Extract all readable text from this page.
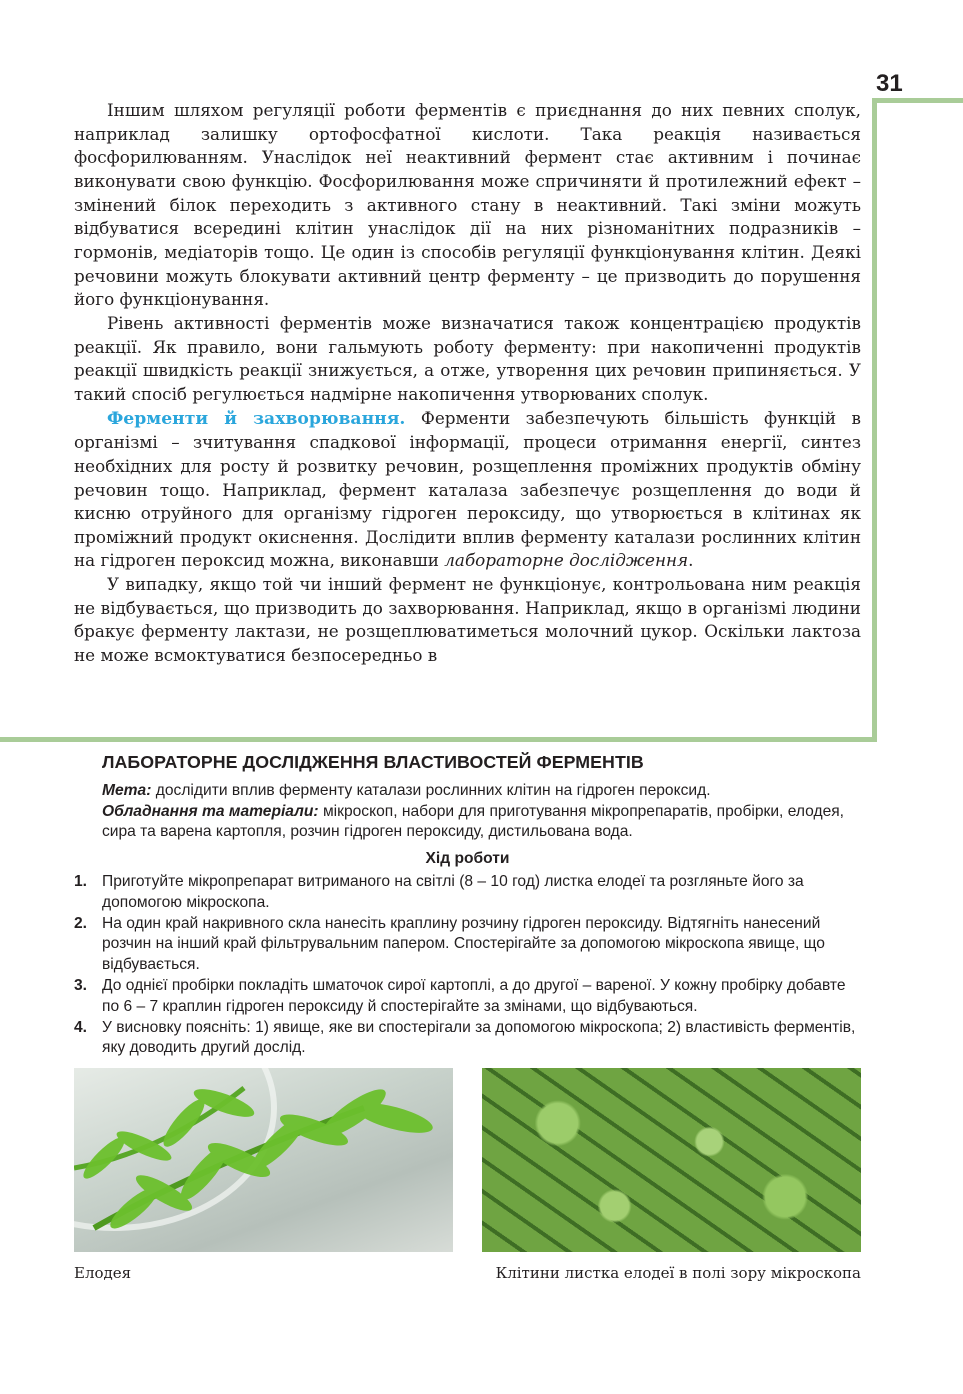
31

Іншим шляхом регуляції роботи ферментів є приєднання до них певних сполук, наприклад залишку ортофосфатної кислоти. Така реакція називається фосфорилюванням. Унаслідок неї неактивний фермент стає активним і починає виконувати свою функцію. Фосфорилювання може спричиняти й протилежний ефект – змінений білок переходить з активного стану в неактивний. Такі зміни можуть відбуватися всередині клітин унаслідок дії на них різноманітних подразників – гормонів, медіаторів тощо. Це один із способів регуляції функціонування клітин. Деякі речовини можуть блокувати активний центр ферменту – це призводить до порушення його функціонування.

Рівень активності ферментів може визначатися також концентрацією продуктів реакції. Як правило, вони гальмують роботу ферменту: при накопиченні продуктів реакції швидкість реакції знижується, а отже, утворення цих речовин припиняється. У такий спосіб регулюється надмірне накопичення утворюваних сполук.

Ферменти й захворювання. Ферменти забезпечують більшість функцій в організмі – зчитування спадкової інформації, процеси отримання енергії, синтез необхідних для росту й розвитку речовин, розщеплення проміжних продуктів обміну речовин тощо. Наприклад, фермент каталаза забезпечує розщеплення до води й кисню отруйного для організму гідроген пероксиду, що утворюється в клітинах як проміжний продукт окиснення. Дослідити вплив ферменту каталази рослинних клітин на гідроген пероксид можна, виконавши лабораторне дослідження.

У випадку, якщо той чи інший фермент не функціонує, контрольована ним реакція не відбувається, що призводить до захворювання. Наприклад, якщо в організмі людини бракує ферменту лактази, не розщеплюватиметься молочний цукор. Оскільки лактоза не може всмоктуватися безпосередньо в

ЛАБОРАТОРНЕ ДОСЛІДЖЕННЯ ВЛАСТИВОСТЕЙ ФЕРМЕНТІВ
Мета: дослідити вплив ферменту каталази рослинних клітин на гідроген пероксид.
Обладнання та матеріали: мікроскоп, набори для приготування мікропрепаратів, пробірки, елодея, сира та варена картопля, розчин гідроген пероксиду, дистильована вода.
Хід роботи
1. Приготуйте мікропрепарат витриманого на світлі (8 – 10 год) листка елодеї та розгляньте його за допомогою мікроскопа.
2. На один край накривного скла нанесіть краплину розчину гідроген пероксиду. Відтягніть нанесений розчин на інший край фільтрувальним папером. Спостерігайте за допомогою мікроскопа явище, що відбувається.
3. До однієї пробірки покладіть шматочок сирої картоплі, а до другої – вареної. У кожну пробірку добавте по 6 – 7 краплин гідроген пероксиду й спостерігайте за змінами, що відбуваються.
4. У висновку поясніть: 1) явище, яке ви спостерігали за допомогою мікроскопа; 2) властивість ферментів, яку доводить другий дослід.
Елодея	Клітини листка елодеї в полі зору мікроскопа
